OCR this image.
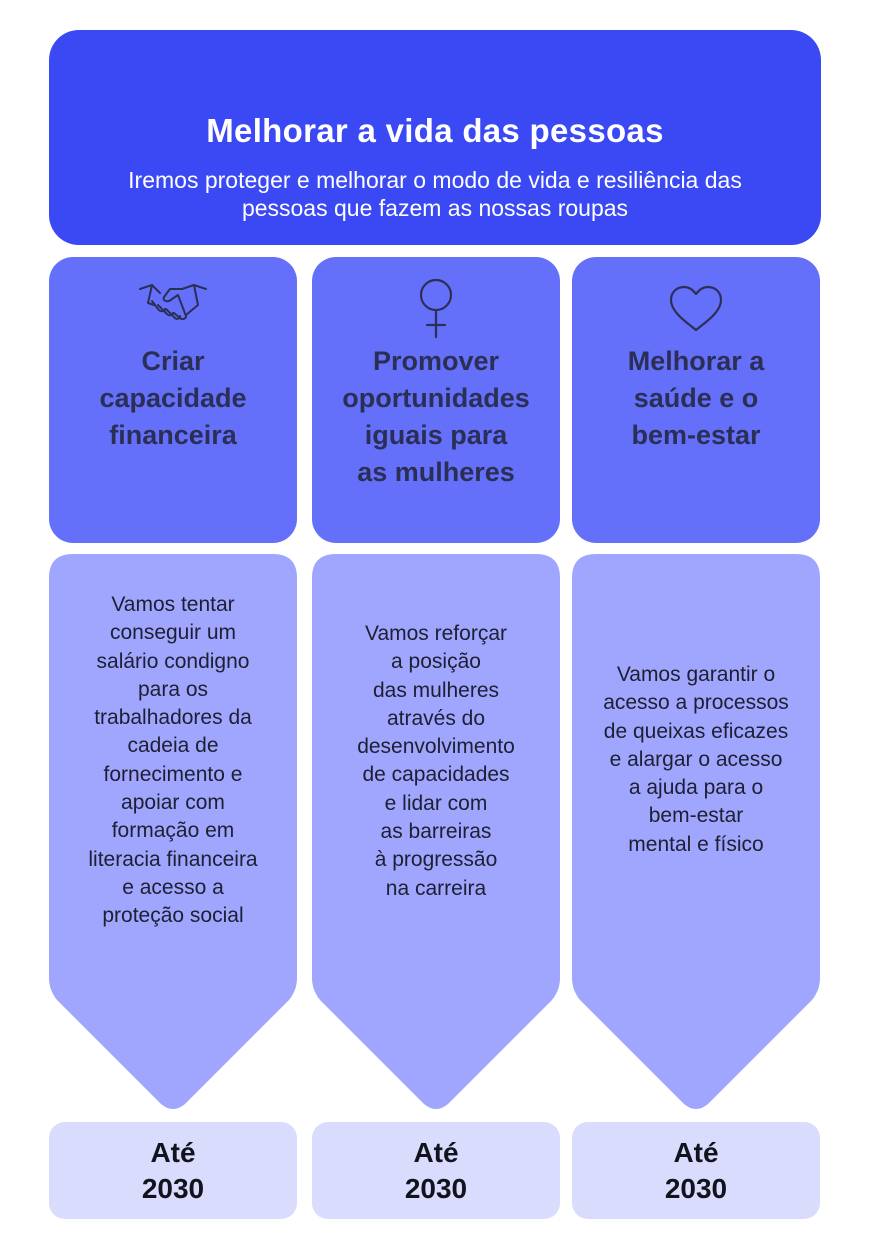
Melhorar a vida das pessoas
Iremos proteger e melhorar o modo de vida e resiliência das
pessoas que fazem as nossas roupas
Criar
capacidade
financeira
Promover
oportunidades
iguais para
as mulheres
Melhorar a
saúde e o
bem-estar
Vamos tentar
conseguir um
salário condigno
para os
trabalhadores da
cadeia de
fornecimento e
apoiar com
formação em
literacia financeira
e acesso a
proteção social
Vamos reforçar
a posição
das mulheres
através do
desenvolvimento
de capacidades
e lidar com
as barreiras
à progressão
na carreira
Vamos garantir o
acesso a processos
de queixas eficazes
e alargar o acesso
a ajuda para o
bem-estar
mental e físico
Até
2030
Até
2030
Até
2030
